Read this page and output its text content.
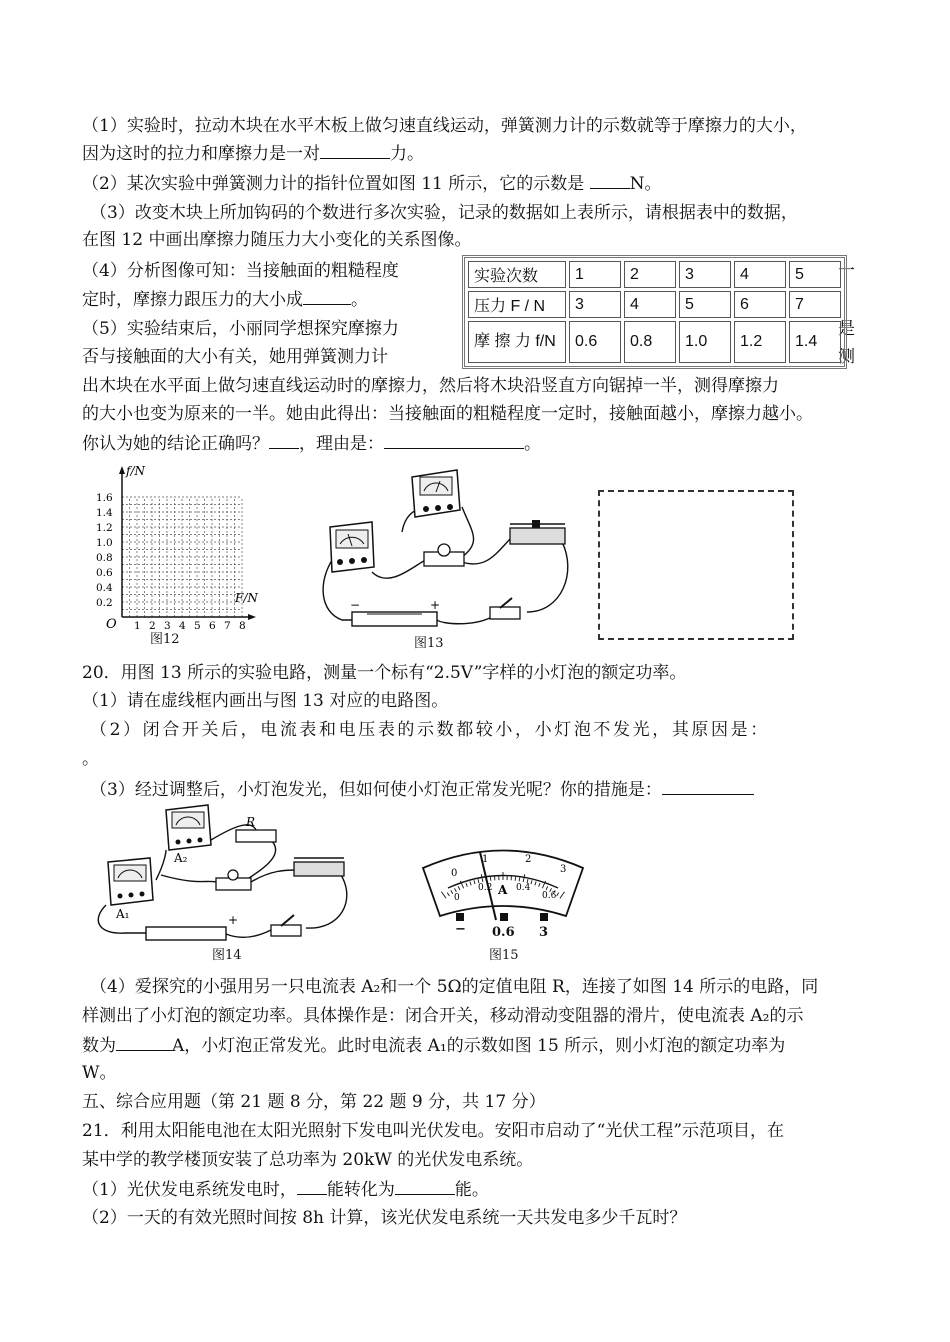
（1）实验时，拉动木块在水平木板上做匀速直线运动，弹簧测力计的示数就等于摩擦力的大小，
因为这时的拉力和摩擦力是一对	力。
（2）某次实验中弹簧测力计的指针位置如图 11 所示，它的示数是 N。
（3）改变木块上所加钩码的个数进行多次实验，记录的数据如上表所示，请根据表中的数据，
在图 12 中画出摩擦力随压力大小变化的关系图像。
（4）分析图像可知：当接触面的粗糙程度	一
定时，摩擦力跟压力的大小成	。
（5）实验结束后，小丽同学想探究摩擦力	是
否与接触面的大小有关，她用弹簧测力计	测
出木块在水平面上做匀速直线运动时的摩擦力，然后将木块沿竖直方向锯掉一半，测得摩擦力
的大小也变为原来的一半。她由此得出：当接触面的粗糙程度一定时，接触面越小，摩擦力越小。
你认为她的结论正确吗？ ，理由是：	。
实验次数	1	2	3	4	5
压力 F / N	3	4	5	6	7
摩 擦 力 f/N	0.6	0.8	1.0	1.2	1.4
f/N
F/N
O
1.6
1.4
1.2
1.0
0.8
0.6
0.4
0.2
1 2 3 4 5 6 7 8
图12
−	+
图13
20．用图 13 所示的实验电路，测量一个标有“2.5V”字样的小灯泡的额定功率。
（1）请在虚线框内画出与图 13 对应的电路图。
（2）闭合开关后，电流表和电压表的示数都较小，小灯泡不发光，其原因是：
。
（3）经过调整后，小灯泡发光，但如何使小灯泡正常发光呢？你的措施是：
A₂
R
A₁	+
图14
A
0
1	2
3
0
0.2	0.4
0.6
− 0.6 3
图15
（4）爱探究的小强用另一只电流表 A₂和一个 5Ω的定值电阻 R，连接了如图 14 所示的电路，同
样测出了小灯泡的额定功率。具体操作是：闭合开关，移动滑动变阻器的滑片，使电流表 A₂的示
数为	A，小灯泡正常发光。此时电流表 A₁的示数如图 15 所示，则小灯泡的额定功率为
W。
五、综合应用题（第 21 题 8 分，第 22 题 9 分，共 17 分）
21．利用太阳能电池在太阳光照射下发电叫光伏发电。安阳市启动了“光伏工程”示范项目，在
某中学的教学楼顶安装了总功率为 20kW 的光伏发电系统。
（1）光伏发电系统发电时， 能转化为	能。
（2）一天的有效光照时间按 8h 计算，该光伏发电系统一天共发电多少千瓦时？
